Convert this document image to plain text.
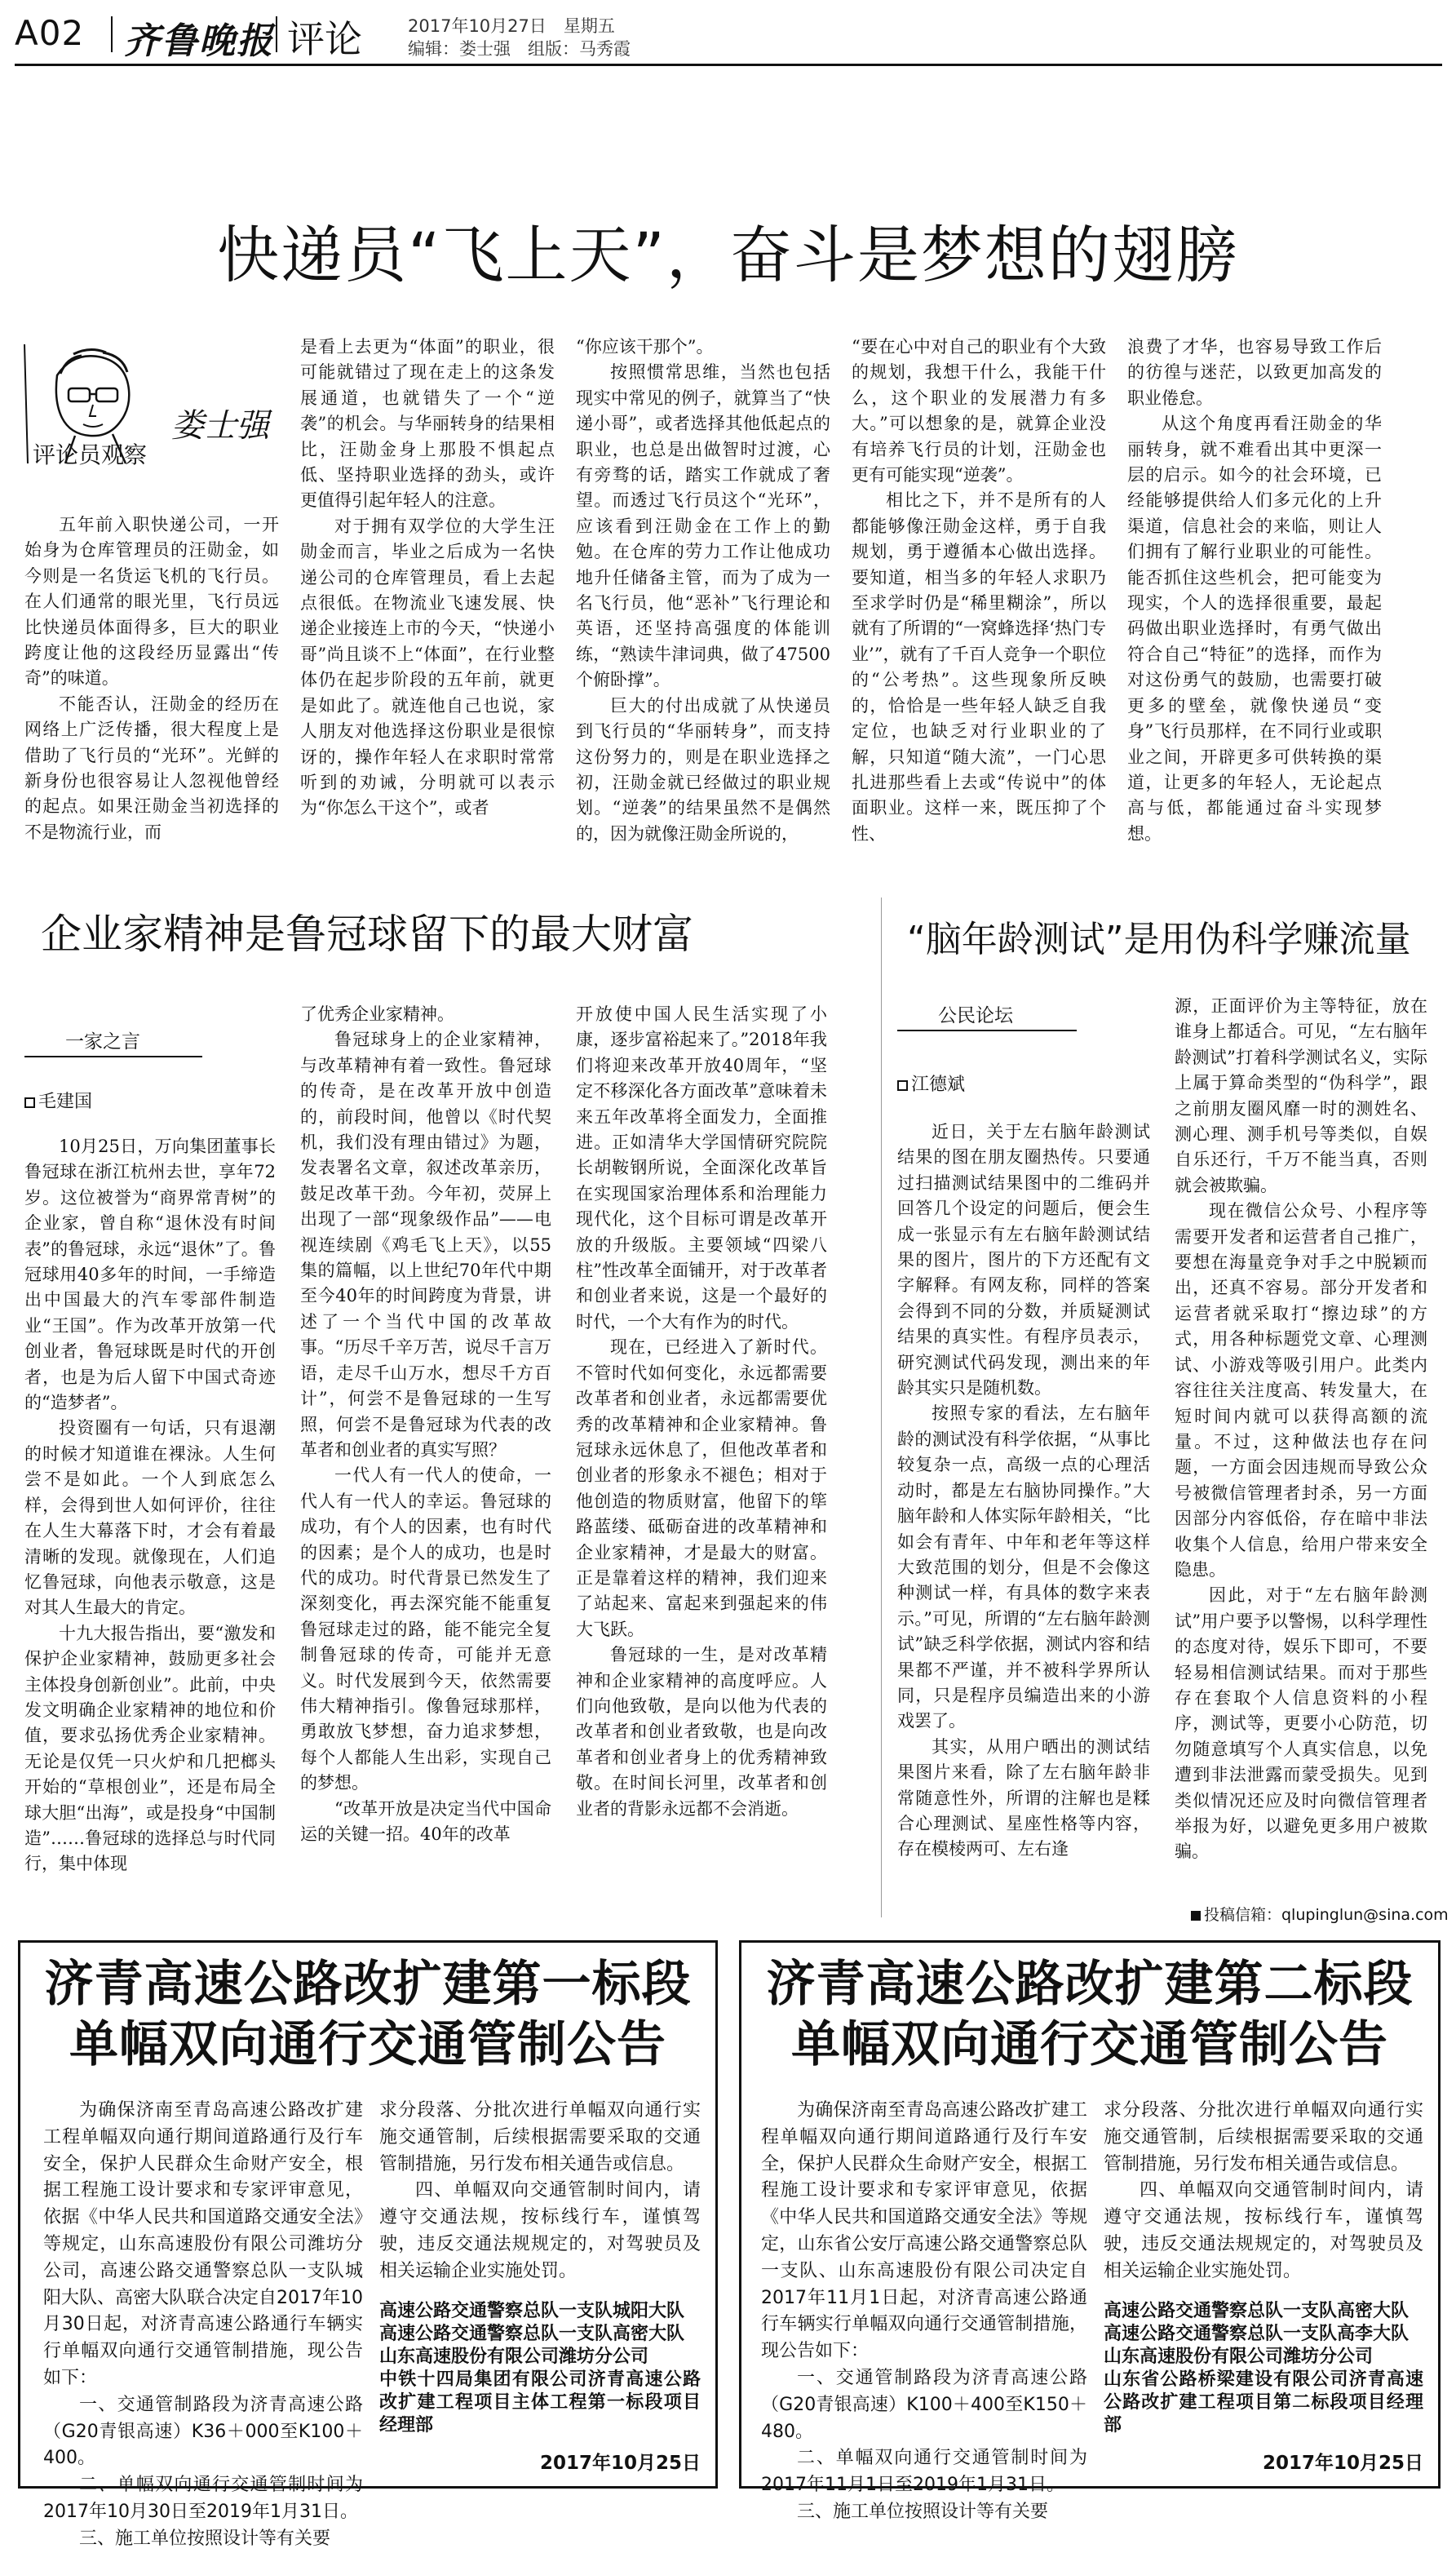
A02 齐鲁晚报 评论	2017年10月27日　星期五
编辑：娄士强　组版：马秀霞
快递员“飞上天”，奋斗是梦想的翅膀
娄士强
评论员观察

五年前入职快递公司，一开始身为仓库管理员的汪勋金，如今则是一名货运飞机的飞行员。在人们通常的眼光里，飞行员远比快递员体面得多，巨大的职业跨度让他的这段经历显露出“传奇”的味道。

不能否认，汪勋金的经历在网络上广泛传播，很大程度上是借助了飞行员的“光环”。光鲜的新身份也很容易让人忽视他曾经的起点。如果汪勋金当初选择的不是物流行业，而

是看上去更为“体面”的职业，很可能就错过了现在走上的这条发展通道，也就错失了一个“逆袭”的机会。与华丽转身的结果相比，汪勋金身上那股不惧起点低、坚持职业选择的劲头，或许更值得引起年轻人的注意。

对于拥有双学位的大学生汪勋金而言，毕业之后成为一名快递公司的仓库管理员，看上去起点很低。在物流业飞速发展、快递企业接连上市的今天，“快递小哥”尚且谈不上“体面”，在行业整体仍在起步阶段的五年前，就更是如此了。就连他自己也说，家人朋友对他选择这份职业是很惊讶的，操作年轻人在求职时常常听到的劝诫，分明就可以表示为“你怎么干这个”，或者

“你应该干那个”。

按照惯常思维，当然也包括现实中常见的例子，就算当了“快递小哥”，或者选择其他低起点的职业，也总是出做智时过渡，心有旁骛的话，踏实工作就成了奢望。而透过飞行员这个“光环”，应该看到汪勋金在工作上的勤勉。在仓库的劳力工作让他成功地升任储备主管，而为了成为一名飞行员，他“恶补”飞行理论和英语，还坚持高强度的体能训练，“熟读牛津词典，做了47500个俯卧撑”。

巨大的付出成就了从快递员到飞行员的“华丽转身”，而支持这份努力的，则是在职业选择之初，汪勋金就已经做过的职业规划。“逆袭”的结果虽然不是偶然的，因为就像汪勋金所说的，

“要在心中对自己的职业有个大致的规划，我想干什么，我能干什么，这个职业的发展潜力有多大。”可以想象的是，就算企业没有培养飞行员的计划，汪勋金也更有可能实现“逆袭”。

相比之下，并不是所有的人都能够像汪勋金这样，勇于自我规划，勇于遵循本心做出选择。要知道，相当多的年轻人求职乃至求学时仍是“稀里糊涂”，所以就有了所谓的“一窝蜂选择‘热门专业’”，就有了千百人竞争一个职位的“公考热”。这些现象所反映的，恰恰是一些年轻人缺乏自我定位，也缺乏对行业职业的了解，只知道“随大流”，一门心思扎进那些看上去或“传说中”的体面职业。这样一来，既压抑了个性、

浪费了才华，也容易导致工作后的彷徨与迷茫，以致更加高发的职业倦怠。

从这个角度再看汪勋金的华丽转身，就不难看出其中更深一层的启示。如今的社会环境，已经能够提供给人们多元化的上升渠道，信息社会的来临，则让人们拥有了解行业职业的可能性。能否抓住这些机会，把可能变为现实，个人的选择很重要，最起码做出职业选择时，有勇气做出符合自己“特征”的选择，而作为对这份勇气的鼓励，也需要打破更多的壁垒，就像快递员“变身”飞行员那样，在不同行业或职业之间，开辟更多可供转换的渠道，让更多的年轻人，无论起点高与低，都能通过奋斗实现梦想。

企业家精神是鲁冠球留下的最大财富
一家之言
毛建国

10月25日，万向集团董事长鲁冠球在浙江杭州去世，享年72岁。这位被誉为“商界常青树”的企业家，曾自称“退休没有时间表”的鲁冠球，永远“退休”了。鲁冠球用40多年的时间，一手缔造出中国最大的汽车零部件制造业“王国”。作为改革开放第一代创业者，鲁冠球既是时代的开创者，也是为后人留下中国式奇迹的“造梦者”。

投资圈有一句话，只有退潮的时候才知道谁在裸泳。人生何尝不是如此。一个人到底怎么样，会得到世人如何评价，往往在人生大幕落下时，才会有着最清晰的发现。就像现在，人们追忆鲁冠球，向他表示敬意，这是对其人生最大的肯定。

十九大报告指出，要“激发和保护企业家精神，鼓励更多社会主体投身创新创业”。此前，中央发文明确企业家精神的地位和价值，要求弘扬优秀企业家精神。无论是仅凭一只火炉和几把榔头开始的“草根创业”，还是布局全球大胆“出海”，或是投身“中国制造”……鲁冠球的选择总与时代同行，集中体现

了优秀企业家精神。

鲁冠球身上的企业家精神，与改革精神有着一致性。鲁冠球的传奇，是在改革开放中创造的，前段时间，他曾以《时代契机，我们没有理由错过》为题，发表署名文章，叙述改革亲历，鼓足改革干劲。今年初，荧屏上出现了一部“现象级作品”——电视连续剧《鸡毛飞上天》，以55集的篇幅，以上世纪70年代中期至今40年的时间跨度为背景，讲述了一个当代中国的改革故事。“历尽千辛万苦，说尽千言万语，走尽千山万水，想尽千方百计”，何尝不是鲁冠球的一生写照，何尝不是鲁冠球为代表的改革者和创业者的真实写照？

一代人有一代人的使命，一代人有一代人的幸运。鲁冠球的成功，有个人的因素，也有时代的因素；是个人的成功，也是时代的成功。时代背景已然发生了深刻变化，再去深究能不能重复鲁冠球走过的路，能不能完全复制鲁冠球的传奇，可能并无意义。时代发展到今天，依然需要伟大精神指引。像鲁冠球那样，勇敢放飞梦想，奋力追求梦想，每个人都能人生出彩，实现自己的梦想。

“改革开放是决定当代中国命运的关键一招。40年的改革

开放使中国人民生活实现了小康，逐步富裕起来了。”2018年我们将迎来改革开放40周年，“坚定不移深化各方面改革”意味着未来五年改革将全面发力，全面推进。正如清华大学国情研究院院长胡鞍钢所说，全面深化改革旨在实现国家治理体系和治理能力现代化，这个目标可谓是改革开放的升级版。主要领域“四梁八柱”性改革全面铺开，对于改革者和创业者来说，这是一个最好的时代，一个大有作为的时代。

现在，已经进入了新时代。不管时代如何变化，永远都需要改革者和创业者，永远都需要优秀的改革精神和企业家精神。鲁冠球永远休息了，但他改革者和创业者的形象永不褪色；相对于他创造的物质财富，他留下的筚路蓝缕、砥砺奋进的改革精神和企业家精神，才是最大的财富。正是靠着这样的精神，我们迎来了站起来、富起来到强起来的伟大飞跃。

鲁冠球的一生，是对改革精神和企业家精神的高度呼应。人们向他致敬，是向以他为代表的改革者和创业者致敬，也是向改革者和创业者身上的优秀精神致敬。在时间长河里，改革者和创业者的背影永远都不会消逝。

“脑年龄测试”是用伪科学赚流量
公民论坛
江德斌

近日，关于左右脑年龄测试结果的图在朋友圈热传。只要通过扫描测试结果图中的二维码并回答几个设定的问题后，便会生成一张显示有左右脑年龄测试结果的图片，图片的下方还配有文字解释。有网友称，同样的答案会得到不同的分数，并质疑测试结果的真实性。有程序员表示，研究测试代码发现，测出来的年龄其实只是随机数。

按照专家的看法，左右脑年龄的测试没有科学依据，“从事比较复杂一点，高级一点的心理活动时，都是左右脑协同操作。”大脑年龄和人体实际年龄相关，“比如会有青年、中年和老年等这样大致范围的划分，但是不会像这种测试一样，有具体的数字来表示。”可见，所谓的“左右脑年龄测试”缺乏科学依据，测试内容和结果都不严谨，并不被科学界所认同，只是程序员编造出来的小游戏罢了。

其实，从用户晒出的测试结果图片来看，除了左右脑年龄非常随意性外，所谓的注解也是糅合心理测试、星座性格等内容，存在模棱两可、左右逢

源，正面评价为主等特征，放在谁身上都适合。可见，“左右脑年龄测试”打着科学测试名义，实际上属于算命类型的“伪科学”，跟之前朋友圈风靡一时的测姓名、测心理、测手机号等类似，自娱自乐还行，千万不能当真，否则就会被欺骗。

现在微信公众号、小程序等需要开发者和运营者自己推广，要想在海量竞争对手之中脱颖而出，还真不容易。部分开发者和运营者就采取打“擦边球”的方式，用各种标题党文章、心理测试、小游戏等吸引用户。此类内容往往关注度高、转发量大，在短时间内就可以获得高额的流量。不过，这种做法也存在问题，一方面会因违规而导致公众号被微信管理者封杀，另一方面因部分内容低俗，存在暗中非法收集个人信息，给用户带来安全隐患。

因此，对于“左右脑年龄测试”用户要予以警惕，以科学理性的态度对待，娱乐下即可，不要轻易相信测试结果。而对于那些存在套取个人信息资料的小程序，测试等，更要小心防范，切勿随意填写个人真实信息，以免遭到非法泄露而蒙受损失。见到类似情况还应及时向微信管理者举报为好，以避免更多用户被欺骗。

投稿信箱：qlupinglun@sina.com
济青高速公路改扩建第一标段
单幅双向通行交通管制公告

为确保济南至青岛高速公路改扩建工程单幅双向通行期间道路通行及行车安全，保护人民群众生命财产安全，根据工程施工设计要求和专家评审意见，依据《中华人民共和国道路交通安全法》等规定，山东高速股份有限公司潍坊分公司，高速公路交通警察总队一支队城阳大队、高密大队联合决定自2017年10月30日起，对济青高速公路通行车辆实行单幅双向通行交通管制措施，现公告如下：

一、交通管制路段为济青高速公路（G20青银高速）K36＋000至K100＋400。

二、单幅双向通行交通管制时间为2017年10月30日至2019年1月31日。

三、施工单位按照设计等有关要

求分段落、分批次进行单幅双向通行实施交通管制，后续根据需要采取的交通管制措施，另行发布相关通告或信息。

四、单幅双向交通管制时间内，请遵守交通法规，按标线行车，谨慎驾驶，违反交通法规规定的，对驾驶员及相关运输企业实施处罚。

高速公路交通警察总队一支队城阳大队

高速公路交通警察总队一支队高密大队

山东高速股份有限公司潍坊分公司

中铁十四局集团有限公司济青高速公路改扩建工程项目主体工程第一标段项目经理部

2017年10月25日
济青高速公路改扩建第二标段
单幅双向通行交通管制公告

为确保济南至青岛高速公路改扩建工程单幅双向通行期间道路通行及行车安全，保护人民群众生命财产安全，根据工程施工设计要求和专家评审意见，依据《中华人民共和国道路交通安全法》等规定，山东省公安厅高速公路交通警察总队一支队、山东高速股份有限公司决定自2017年11月1日起，对济青高速公路通行车辆实行单幅双向通行交通管制措施，现公告如下：

一、交通管制路段为济青高速公路（G20青银高速）K100＋400至K150＋480。

二、单幅双向通行交通管制时间为2017年11月1日至2019年1月31日。

三、施工单位按照设计等有关要

求分段落、分批次进行单幅双向通行实施交通管制，后续根据需要采取的交通管制措施，另行发布相关通告或信息。

四、单幅双向交通管制时间内，请遵守交通法规，按标线行车，谨慎驾驶，违反交通法规规定的，对驾驶员及相关运输企业实施处罚。

高速公路交通警察总队一支队高密大队

高速公路交通警察总队一支队高李大队

山东高速股份有限公司潍坊分公司

山东省公路桥梁建设有限公司济青高速公路改扩建工程项目第二标段项目经理部

2017年10月25日
